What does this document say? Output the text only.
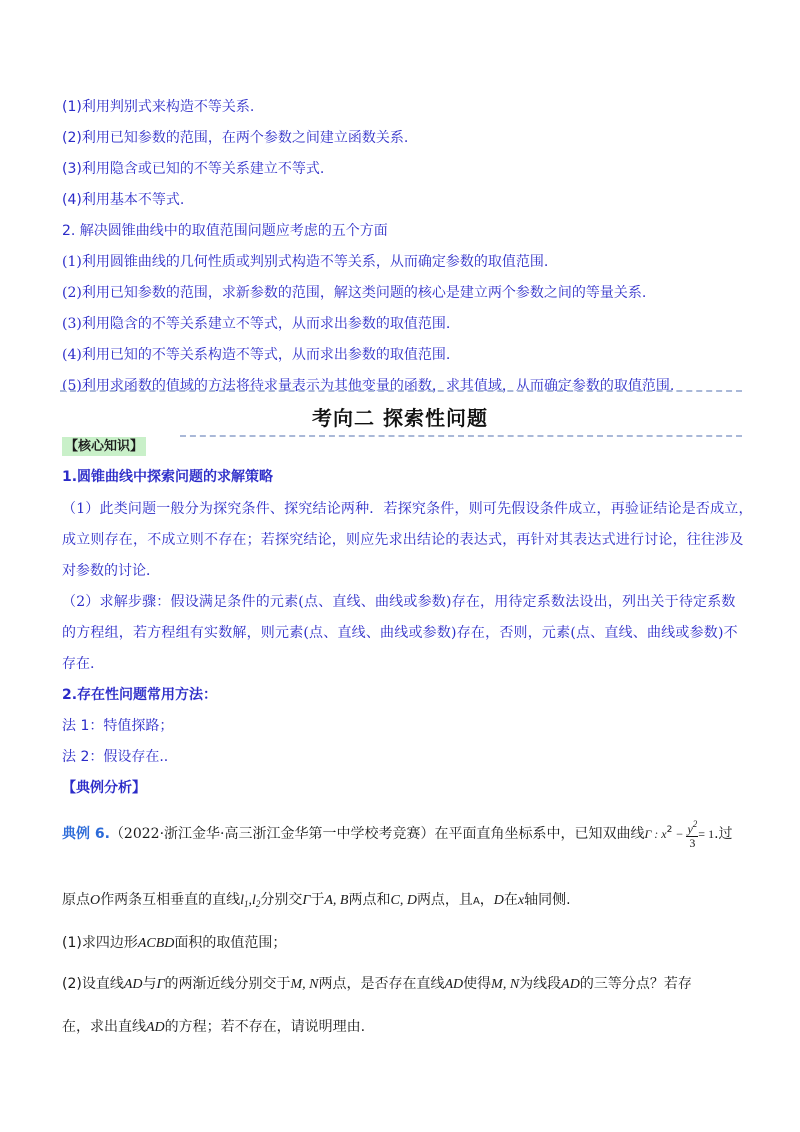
(1)利用判别式来构造不等关系.
(2)利用已知参数的范围，在两个参数之间建立函数关系.
(3)利用隐含或已知的不等关系建立不等式.
(4)利用基本不等式.
2. 解决圆锥曲线中的取值范围问题应考虑的五个方面
(1)利用圆锥曲线的几何性质或判别式构造不等关系，从而确定参数的取值范围.
(2)利用已知参数的范围，求新参数的范围，解这类问题的核心是建立两个参数之间的等量关系.
(3)利用隐含的不等关系建立不等式，从而求出参数的取值范围.
(4)利用已知的不等关系构造不等式，从而求出参数的取值范围.
(5)利用求函数的值域的方法将待求量表示为其他变量的函数，求其值域，从而确定参数的取值范围.
考向二 探索性问题
【核心知识】
1.圆锥曲线中探索问题的求解策略
（1）此类问题一般分为探究条件、探究结论两种．若探究条件，则可先假设条件成立，再验证结论是否成立，
成立则存在，不成立则不存在；若探究结论，则应先求出结论的表达式，再针对其表达式进行讨论，往往涉及
对参数的讨论．
（2）求解步骤：假设满足条件的元素(点、直线、曲线或参数)存在，用待定系数法设出，列出关于待定系数
的方程组，若方程组有实数解，则元素(点、直线、曲线或参数)存在，否则，元素(点、直线、曲线或参数)不
存在.
2.存在性问题常用方法：
法 1：特值探路；
法 2：假设存在..
【典例分析】
典例 6.（2022·浙江金华·高三浙江金华第一中学校考竞赛）在平面直角坐标系中，已知双曲线Γ : $x^2 - \frac{y^2}{3} = 1$.过
原点O作两条互相垂直的直线$l_1,l_2$分别交Γ于A, B两点和C, D两点，且A，D在x轴同侧.
(1)求四边形ACBD面积的取值范围；
(2)设直线AD与Γ的两渐近线分别交于M, N两点，是否存在直线AD使得M, N为线段AD的三等分点？若存
在，求出直线AD的方程；若不存在，请说明理由.
